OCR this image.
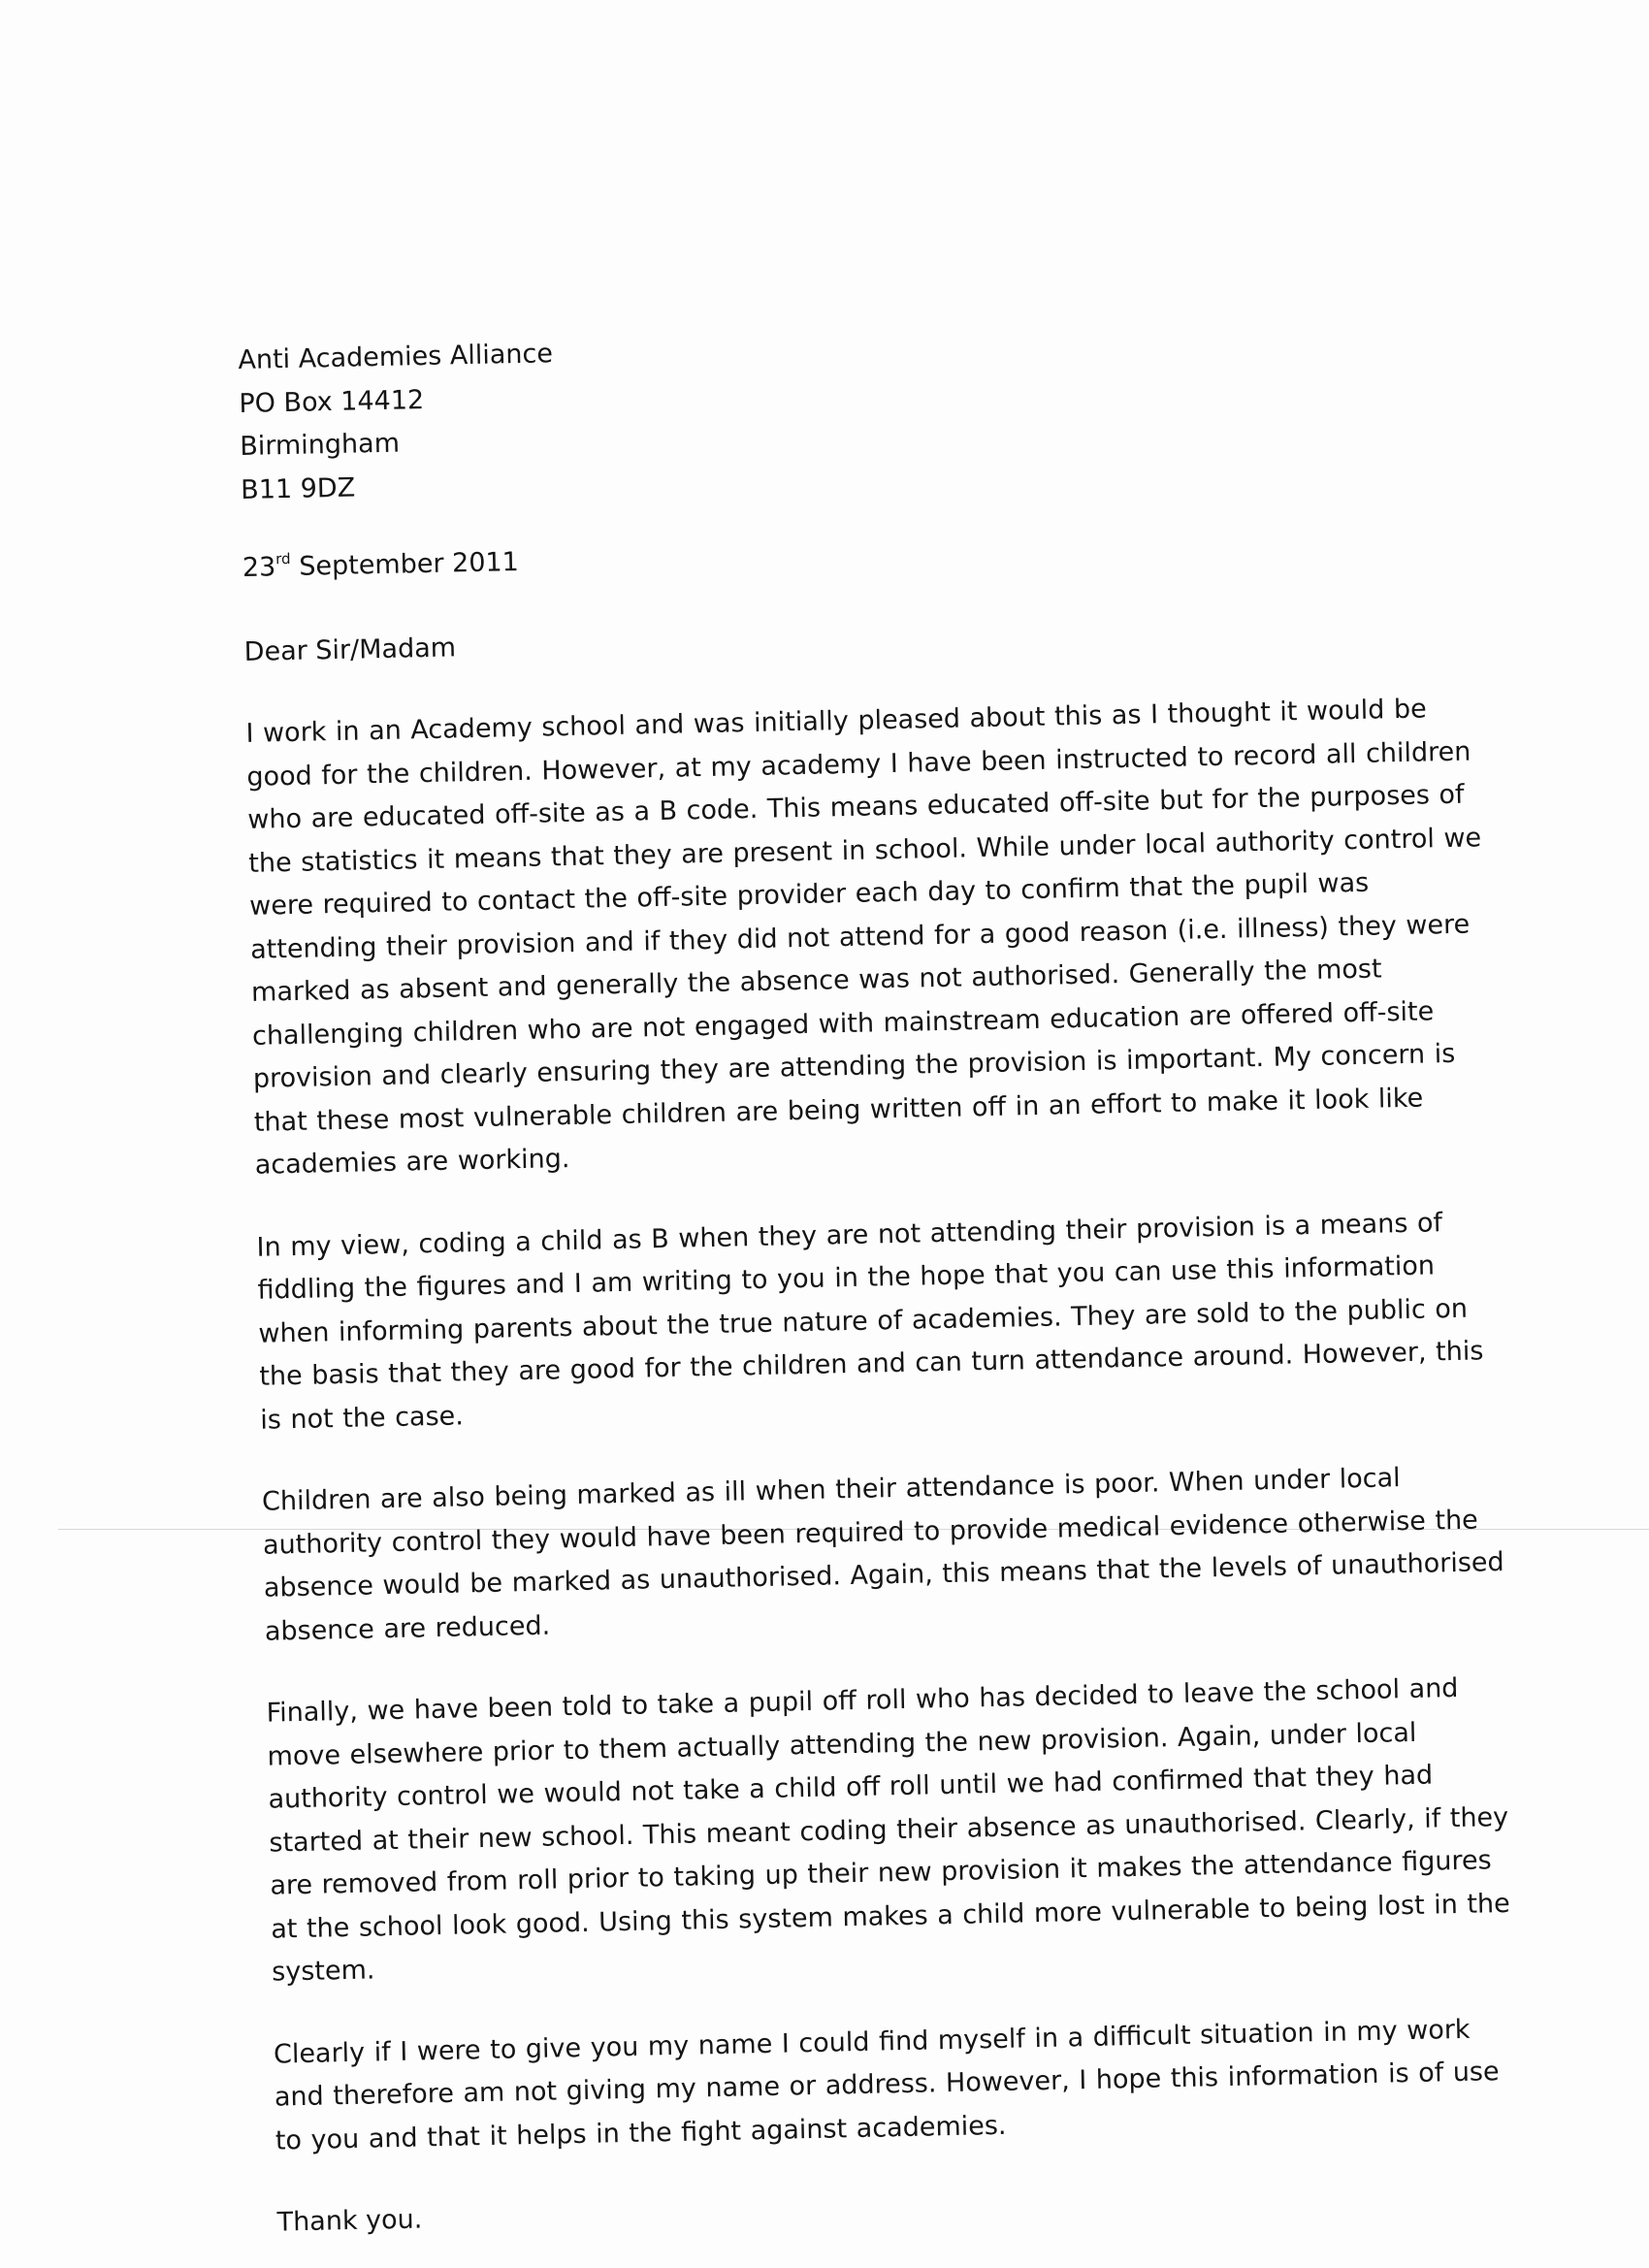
Anti Academies Alliance
PO Box 14412
Birmingham
B11 9DZ
23rd September 2011
Dear Sir/Madam

I work in an Academy school and was initially pleased about this as I thought it would be good for the children. However, at my academy I have been instructed to record all children who are educated off-site as a B code. This means educated off-site but for the purposes of the statistics it means that they are present in school. While under local authority control we were required to contact the off-site provider each day to confirm that the pupil was attending their provision and if they did not attend for a good reason (i.e. illness) they were marked as absent and generally the absence was not authorised. Generally the most challenging children who are not engaged with mainstream education are offered off-site provision and clearly ensuring they are attending the provision is important. My concern is that these most vulnerable children are being written off in an effort to make it look like academies are working.

In my view, coding a child as B when they are not attending their provision is a means of fiddling the figures and I am writing to you in the hope that you can use this information when informing parents about the true nature of academies. They are sold to the public on the basis that they are good for the children and can turn attendance around. However, this is not the case.

Children are also being marked as ill when their attendance is poor. When under local authority control they would have been required to provide medical evidence otherwise the absence would be marked as unauthorised. Again, this means that the levels of unauthorised absence are reduced.

Finally, we have been told to take a pupil off roll who has decided to leave the school and move elsewhere prior to them actually attending the new provision. Again, under local authority control we would not take a child off roll until we had confirmed that they had started at their new school. This meant coding their absence as unauthorised. Clearly, if they are removed from roll prior to taking up their new provision it makes the attendance figures at the school look good. Using this system makes a child more vulnerable to being lost in the system.

Clearly if I were to give you my name I could find myself in a difficult situation in my work and therefore am not giving my name or address. However, I hope this information is of use to you and that it helps in the fight against academies.

Thank you.
